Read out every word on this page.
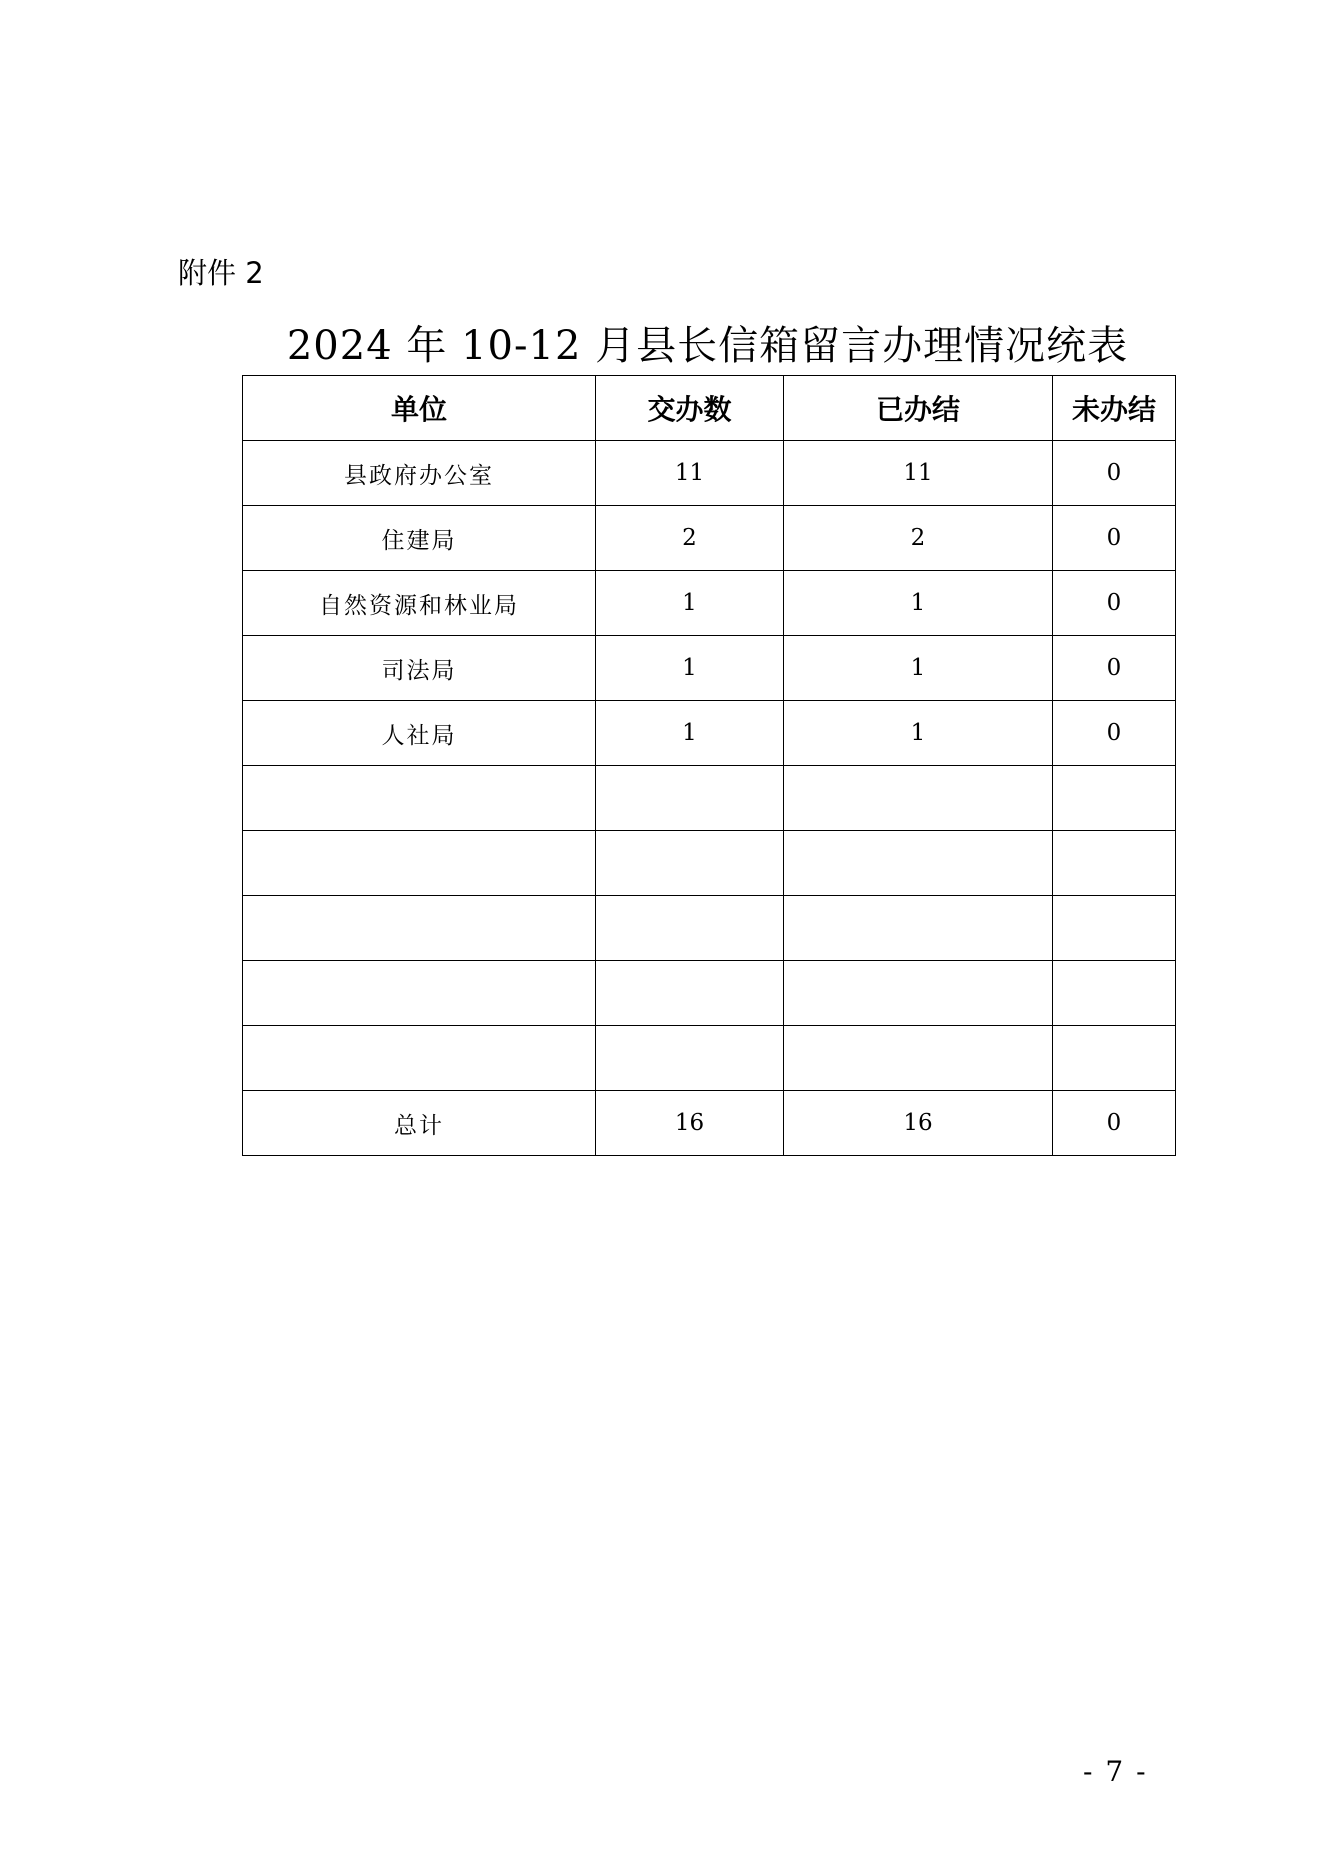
附件 2
2024 年 10-12 月县长信箱留言办理情况统表
单位	交办数	已办结	未办结
县政府办公室	11	11	0
住建局	2	2	0
自然资源和林业局	1	1	0
司法局	1	1	0
人社局	1	1	0

总计	16	16	0
- 7 -
